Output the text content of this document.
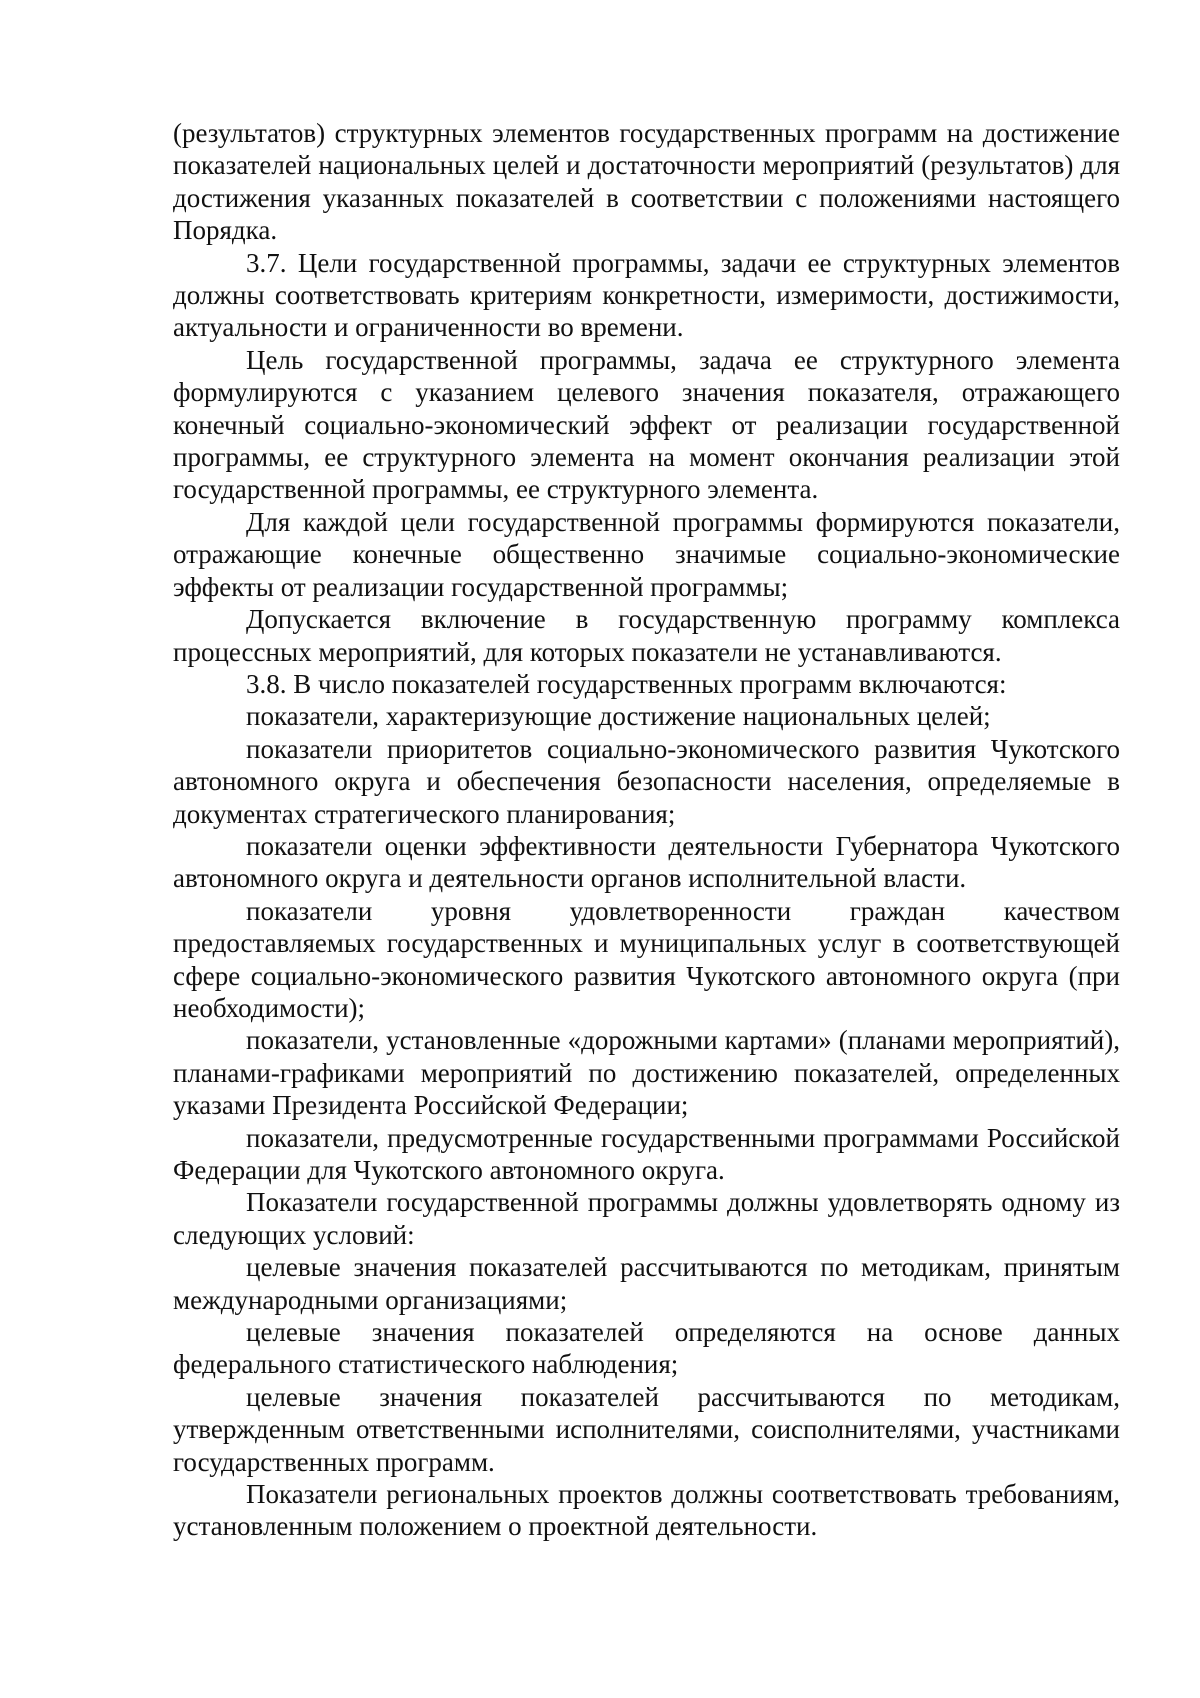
(результатов) структурных элементов государственных программ на достижение показателей национальных целей и достаточности мероприятий (результатов) для достижения указанных показателей в соответствии с положениями настоящего Порядка.

3.7. Цели государственной программы, задачи ее структурных элементов должны соответствовать критериям конкретности, измеримости, достижимости, актуальности и ограниченности во времени.

Цель государственной программы, задача ее структурного элемента формулируются с указанием целевого значения показателя, отражающего конечный социально-экономический эффект от реализации государственной программы, ее структурного элемента на момент окончания реализации этой государственной программы, ее структурного элемента.

Для каждой цели государственной программы формируются показатели, отражающие конечные общественно значимые социально-экономические эффекты от реализации государственной программы;

Допускается включение в государственную программу комплекса процессных мероприятий, для которых показатели не устанавливаются.

3.8. В число показателей государственных программ включаются:

показатели, характеризующие достижение национальных целей;

показатели приоритетов социально-экономического развития Чукотского автономного округа и обеспечения безопасности населения, определяемые в документах стратегического планирования;

показатели оценки эффективности деятельности Губернатора Чукотского автономного округа и деятельности органов исполнительной власти.

показатели уровня удовлетворенности граждан качеством предоставляемых государственных и муниципальных услуг в соответствующей сфере социально-экономического развития Чукотского автономного округа (при необходимости);

показатели, установленные «дорожными картами» (планами мероприятий), планами-графиками мероприятий по достижению показателей, определенных указами Президента Российской Федерации;

показатели, предусмотренные государственными программами Российской Федерации для Чукотского автономного округа.

Показатели государственной программы должны удовлетворять одному из следующих условий:

целевые значения показателей рассчитываются по методикам, принятым международными организациями;

целевые значения показателей определяются на основе данных федерального статистического наблюдения;

целевые значения показателей рассчитываются по методикам, утвержденным ответственными исполнителями, соисполнителями, участниками государственных программ.

Показатели региональных проектов должны соответствовать требованиям, установленным положением о проектной деятельности.
